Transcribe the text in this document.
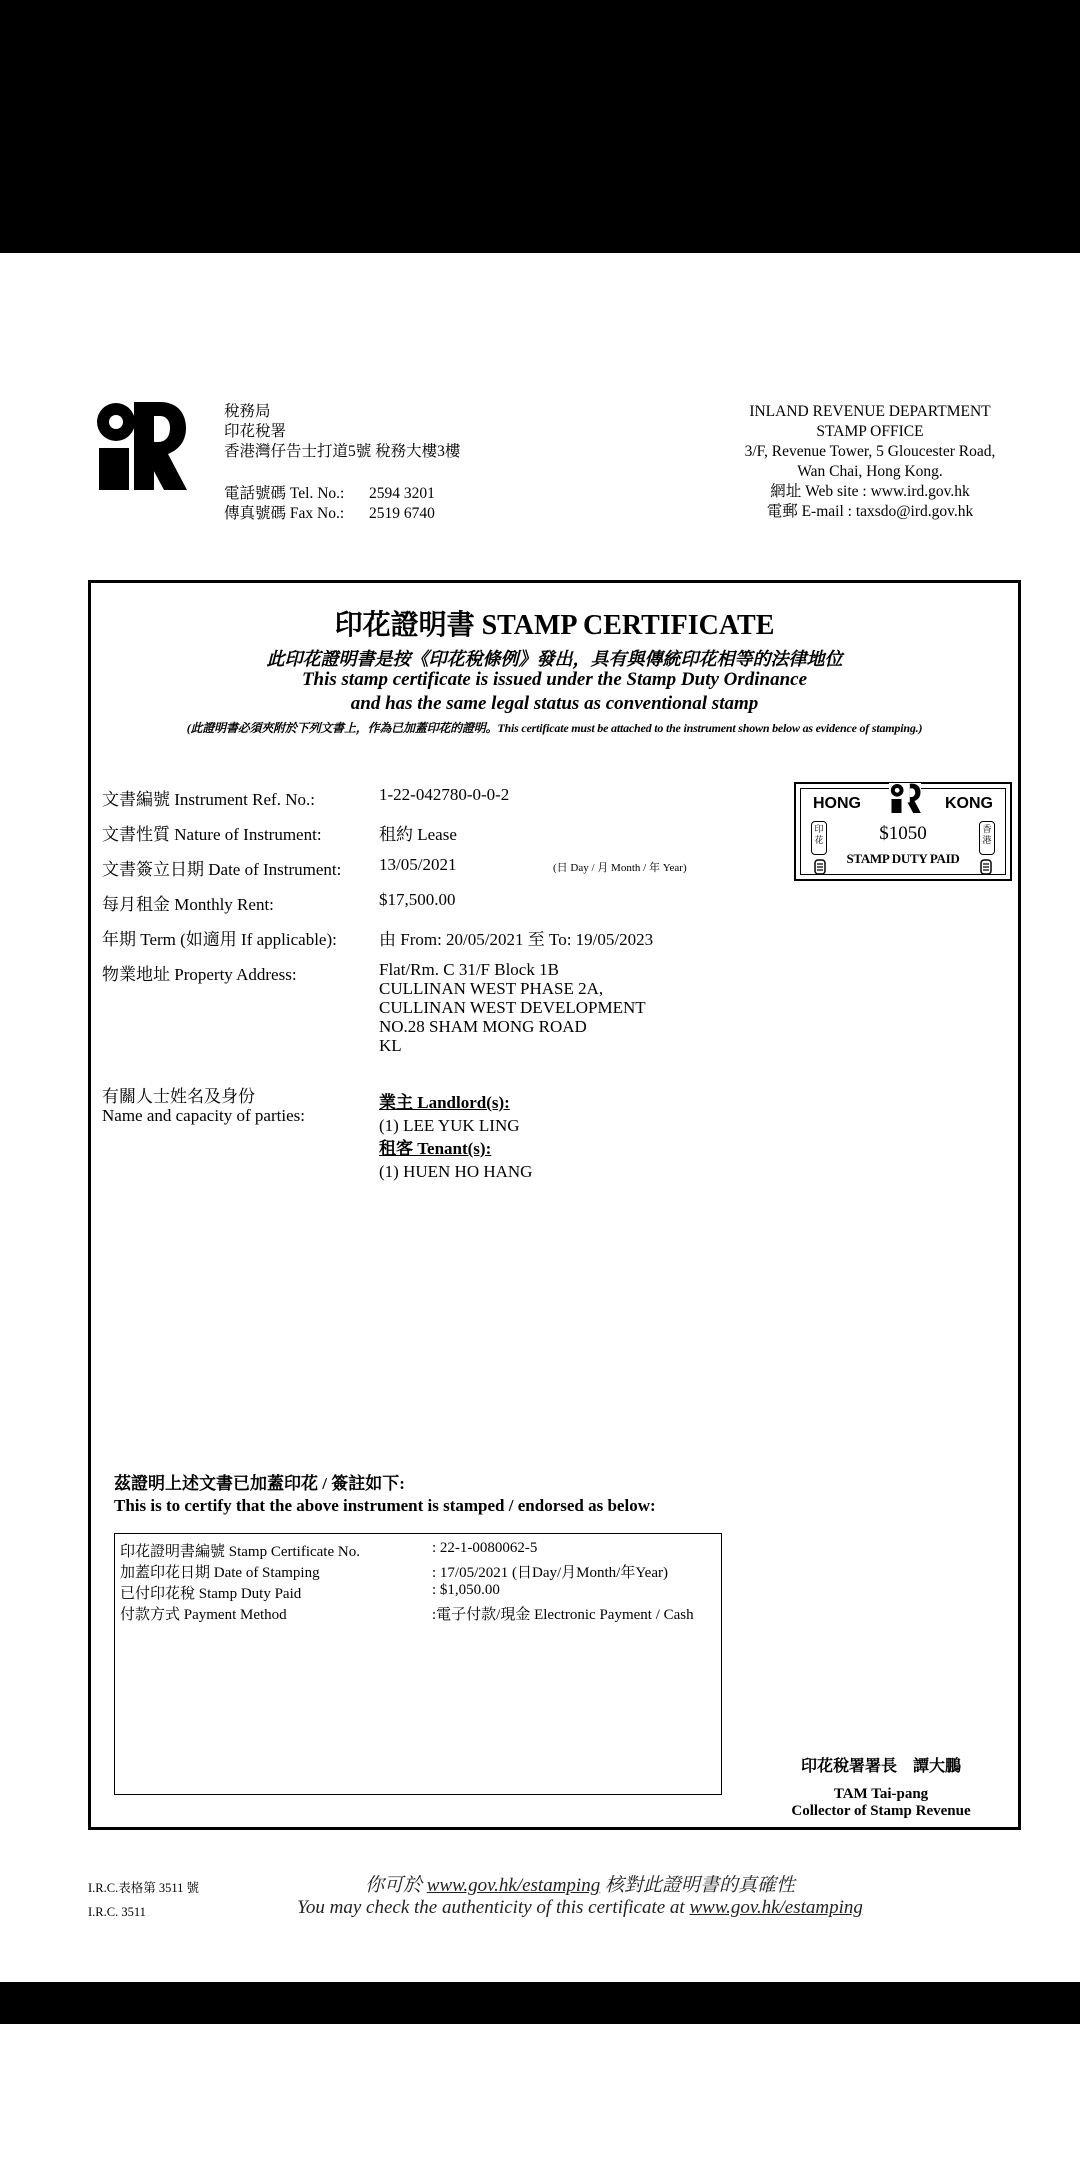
稅務局
印花稅署
香港灣仔告士打道5號 稅務大樓3樓
電話號碼 Tel. No.:	2594 3201
傳真號碼 Fax No.:	2519 6740
INLAND REVENUE DEPARTMENT
STAMP OFFICE
3/F, Revenue Tower, 5 Gloucester Road,
Wan Chai, Hong Kong.
網址 Web site : www.ird.gov.hk
電郵 E-mail : taxsdo@ird.gov.hk
印花證明書 STAMP CERTIFICATE
此印花證明書是按《印花稅條例》發出，具有與傳統印花相等的法律地位
This stamp certificate is issued under the Stamp Duty Ordinance
and has the same legal status as conventional stamp
(此證明書必須夾附於下列文書上，作為已加蓋印花的證明。This certificate must be attached to the instrument shown below as evidence of stamping.)
文書編號 Instrument Ref. No.:	1-22-042780-0-0-2
文書性質 Nature of Instrument:	租約 Lease
文書簽立日期 Date of Instrument: 13/05/2021	(日 Day / 月 Month / 年 Year)
每月租金 Monthly Rent:	$17,500.00
年期 Term (如適用 If applicable): 由 From: 20/05/2021 至 To: 19/05/2023
物業地址 Property Address:	Flat/Rm. C 31/F Block 1B
CULLINAN WEST PHASE 2A,
CULLINAN WEST DEVELOPMENT
NO.28 SHAM MONG ROAD
KL
有關人士姓名及身份
Name and capacity of parties:
業主 Landlord(s):
(1) LEE YUK LING
租客 Tenant(s):
(1) HUEN HO HANG
HONG	KONG
印花
香港
$1050
STAMP DUTY PAID
茲證明上述文書已加蓋印花 / 簽註如下:
This is to certify that the above instrument is stamped / endorsed as below:
印花證明書編號 Stamp Certificate No.	: 22-1-0080062-5
加蓋印花日期 Date of Stamping	: 17/05/2021 (日Day/月Month/年Year)
已付印花稅 Stamp Duty Paid	: $1,050.00
付款方式 Payment Method	:電子付款/現金 Electronic Payment / Cash
印花稅署署長　譚大鵬
TAM Tai-pang
Collector of Stamp Revenue
I.R.C.表格第 3511 號
I.R.C. 3511
你可於 www.gov.hk/estamping 核對此證明書的真確性
You may check the authenticity of this certificate at www.gov.hk/estamping
